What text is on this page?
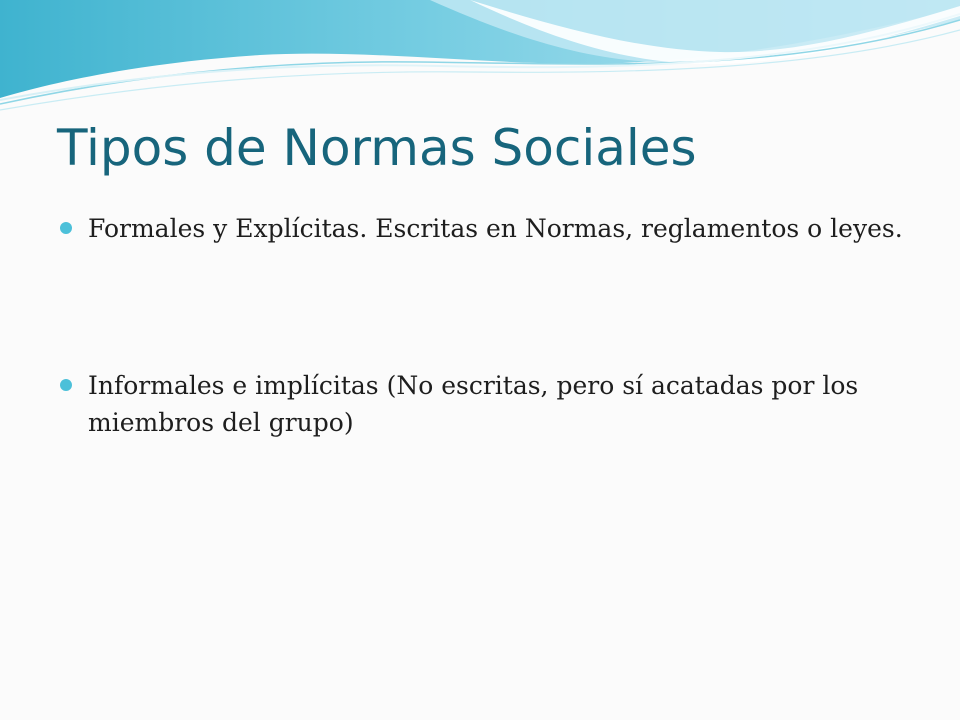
Tipos de Normas Sociales
Formales y Explícitas. Escritas en Normas, reglamentos o leyes.
Informales e implícitas (No escritas, pero sí acatadas por los miembros del grupo)
